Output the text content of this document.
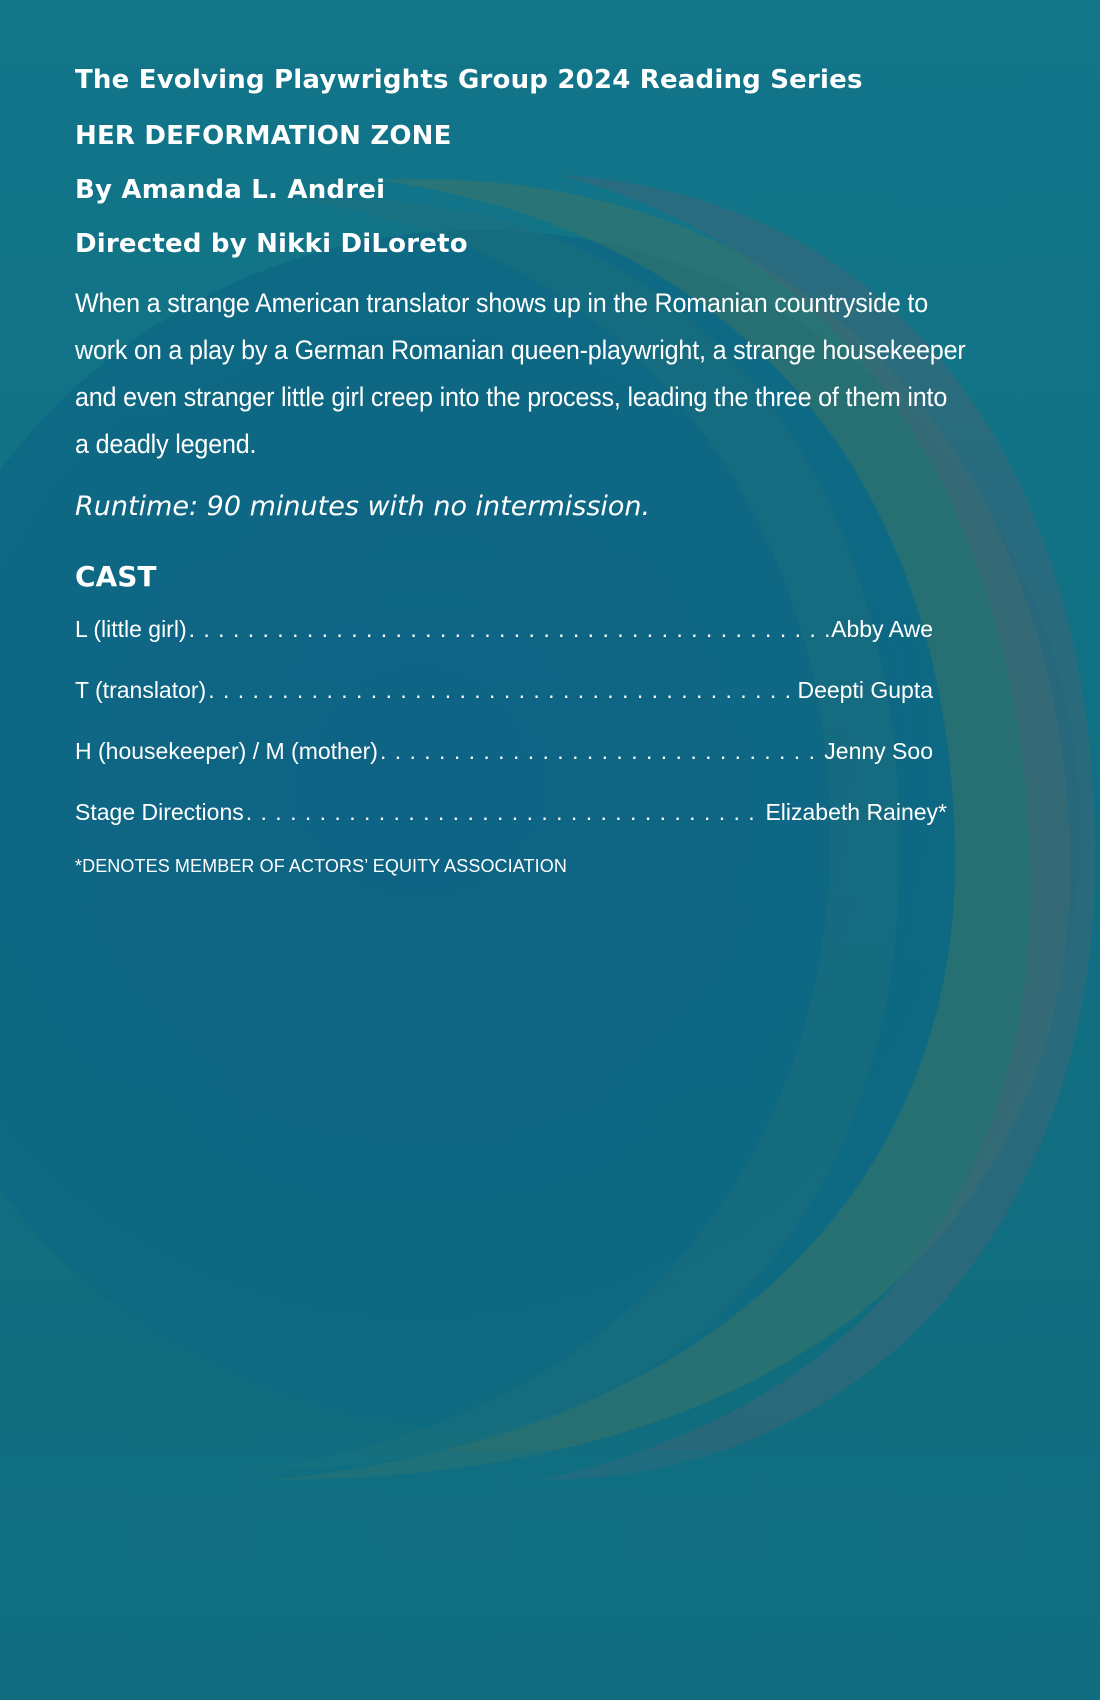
The Evolving Playwrights Group 2024 Reading Series
HER DEFORMATION ZONE
By Amanda L. Andrei
Directed by Nikki DiLoreto
When a strange American translator shows up in the Romanian countryside to
work on a play by a German Romanian queen-playwright, a strange housekeeper
and even stranger little girl creep into the process, leading the three of them into
a deadly legend.
Runtime: 90 minutes with no intermission.
CAST
L (little girl) . . .	Abby Awe
T (translator) . . .	Deepti Gupta
H (housekeeper) / M (mother) . . .	Jenny Soo
Stage Directions . . .	Elizabeth Rainey*
*DENOTES MEMBER OF ACTORS’ EQUITY ASSOCIATION
